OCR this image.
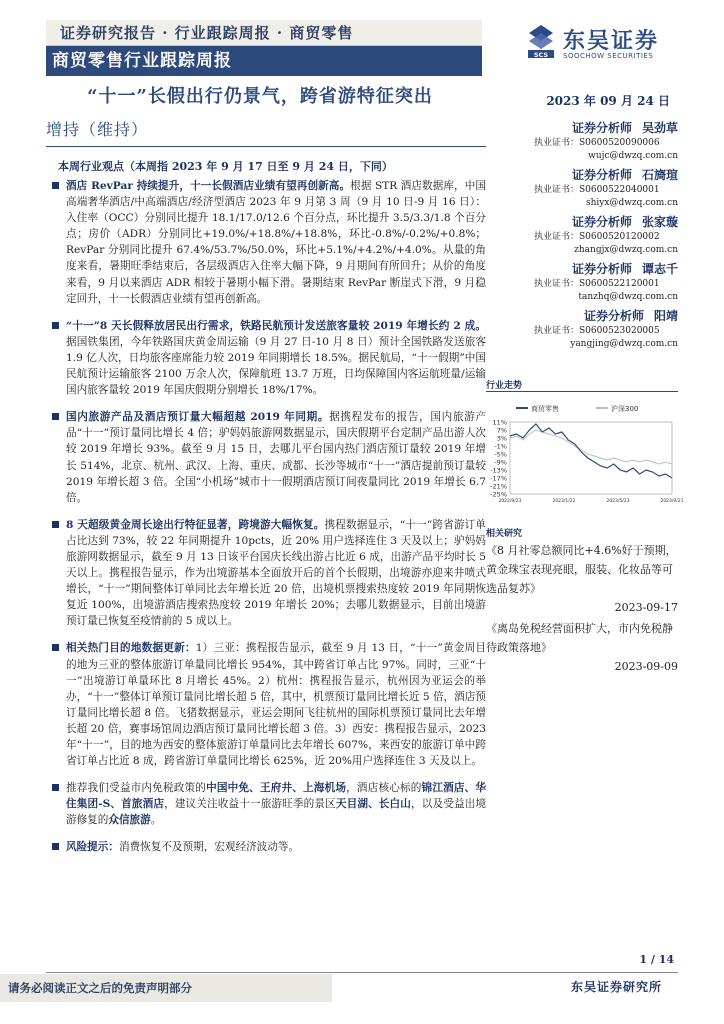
证券研究报告 · 行业跟踪周报 · 商贸零售
商贸零售行业跟踪周报	SCS
东吴证券
SOOCHOW SECURITIES
“十一”长假出行仍景气，跨省游特征突出	2023 年 09 月 24 日
增持（维持）
本周行业观点（本周指 2023 年 9 月 17 日至 9 月 24 日，下同）
酒店 RevPar 持续提升，十一长假酒店业绩有望再创新高。根据 STR 酒店数据库，中国高端奢华酒店/中高端酒店/经济型酒店 2023 年 9 月第 3 周（9 月 10 日-9 月 16 日）：入住率（OCC）分别同比提升 18.1/17.0/12.6 个百分点，环比提升 3.5/3.3/1.8 个百分点；房价（ADR）分别同比+19.0%/+18.8%/+18.8%，环比-0.8%/-0.2%/+0.8%；RevPar 分别同比提升 67.4%/53.7%/50.0%，环比+5.1%/+4.2%/+4.0%。从量的角度来看，暑期旺季结束后，各层级酒店入住率大幅下降，9 月期间有所回升；从价的角度来看，9 月以来酒店 ADR 相较于暑期小幅下滑。暑期结束 RevPar 断崖式下滑，9 月稳定回升，十一长假酒店业绩有望再创新高。
“十一”8 天长假释放居民出行需求，铁路民航预计发送旅客量较 2019 年增长约 2 成。据国铁集团，今年铁路国庆黄金周运输（9 月 27 日-10 月 8 日）预计全国铁路发送旅客 1.9 亿人次，日均旅客座席能力较 2019 年同期增长 18.5%。据民航局，“十一假期”中国民航预计运输旅客 2100 万余人次，保障航班 13.7 万班，日均保障国内客运航班量/运输国内旅客量较 2019 年国庆假期分别增长 18%/17%。
国内旅游产品及酒店预订量大幅超越 2019 年同期。据携程发布的报告，国内旅游产品“十一”预订量同比增长 4 倍；驴妈妈旅游网数据显示，国庆假期平台定制产品出游人次较 2019 年增长 93%。截至 9 月 15 日，去哪儿平台国内热门酒店预订量较 2019 年增长 514%，北京、杭州、武汉、上海、重庆、成都、长沙等城市“十一”酒店提前预订量较 2019 年增长超 3 倍。全国“小机场”城市十一假期酒店预订间夜量同比 2019 年增长 6.7 倍。
8 天超级黄金周长途出行特征显著，跨境游大幅恢复。携程数据显示，“十一”跨省游订单占比达到 73%，较 22 年同期提升 10pcts，近 20% 用户选择连住 3 天及以上；驴妈妈旅游网数据显示，截至 9 月 13 日该平台国庆长线出游占比近 6 成，出游产品平均时长 5 天以上。携程报告显示，作为出境游基本全面放开后的首个长假期，出境游亦迎来井喷式增长，“十一”期间整体订单同比去年增长近 20 倍，出境机票搜索热度较 2019 年同期恢复近 100%，出境游酒店搜索热度较 2019 年增长 20%；去哪儿数据显示，目前出境游预订量已恢复至疫情前的 5 成以上。
相关热门目的地数据更新：1）三亚：携程报告显示，截至 9 月 13 日，“十一”黄金周目的地为三亚的整体旅游订单量同比增长 954%，其中跨省订单占比 97%。同时，三亚“十一”出境游订单量环比 8 月增长 45%。2）杭州：携程报告显示，杭州因为亚运会的举办，“十一”整体订单预订量同比增长超 5 倍，其中，机票预订量同比增长近 5 倍，酒店预订量同比增长超 8 倍。飞猪数据显示，亚运会期间飞往杭州的国际机票预订量同比去年增长超 20 倍，赛事场馆周边酒店预订量同比增长超 3 倍。3）西安：携程报告显示，2023 年“十一”，目的地为西安的整体旅游订单量同比去年增长 607%，来西安的旅游订单中跨省订单占比近 8 成，跨省游订单量同比增长 625%，近 20%用户选择连住 3 天及以上。
推荐我们受益市内免税政策的中国中免、王府井、上海机场，酒店核心标的锦江酒店、华住集团-S、首旅酒店，建议关注收益十一旅游旺季的景区天目湖、长白山，以及受益出境游修复的众信旅游。
风险提示：消费恢复不及预期，宏观经济波动等。
证券分析师 吴劲草
执业证书：S0600520090006
wujc@dwzq.com.cn
证券分析师 石旖瑄
执业证书：S0600522040001
shiyx@dwzq.com.cn
证券分析师 张家璇
执业证书：S0600520120002
zhangjx@dwzq.com.cn
证券分析师 谭志千
执业证书：S0600522120001
tanzhq@dwzq.com.cn
证券分析师 阳靖
执业证书：S0600523020005
yangjing@dwzq.com.cn
行业走势
商贸零售	沪深300
11%
7%
3%
-1%
-5%
-9%
-13%
-17%
-21%
-25%
2022/9/23	2023/1/22	2023/5/23	2023/9/21
相关研究
《8 月社零总额同比+4.6%好于预期，黄金珠宝表现亮眼，服装、化妆品等可选品复苏》
2023-09-17
《离岛免税经营面积扩大，市内免税静待政策落地》
2023-09-09
1 / 14
请务必阅读正文之后的免责声明部分	东吴证券研究所
